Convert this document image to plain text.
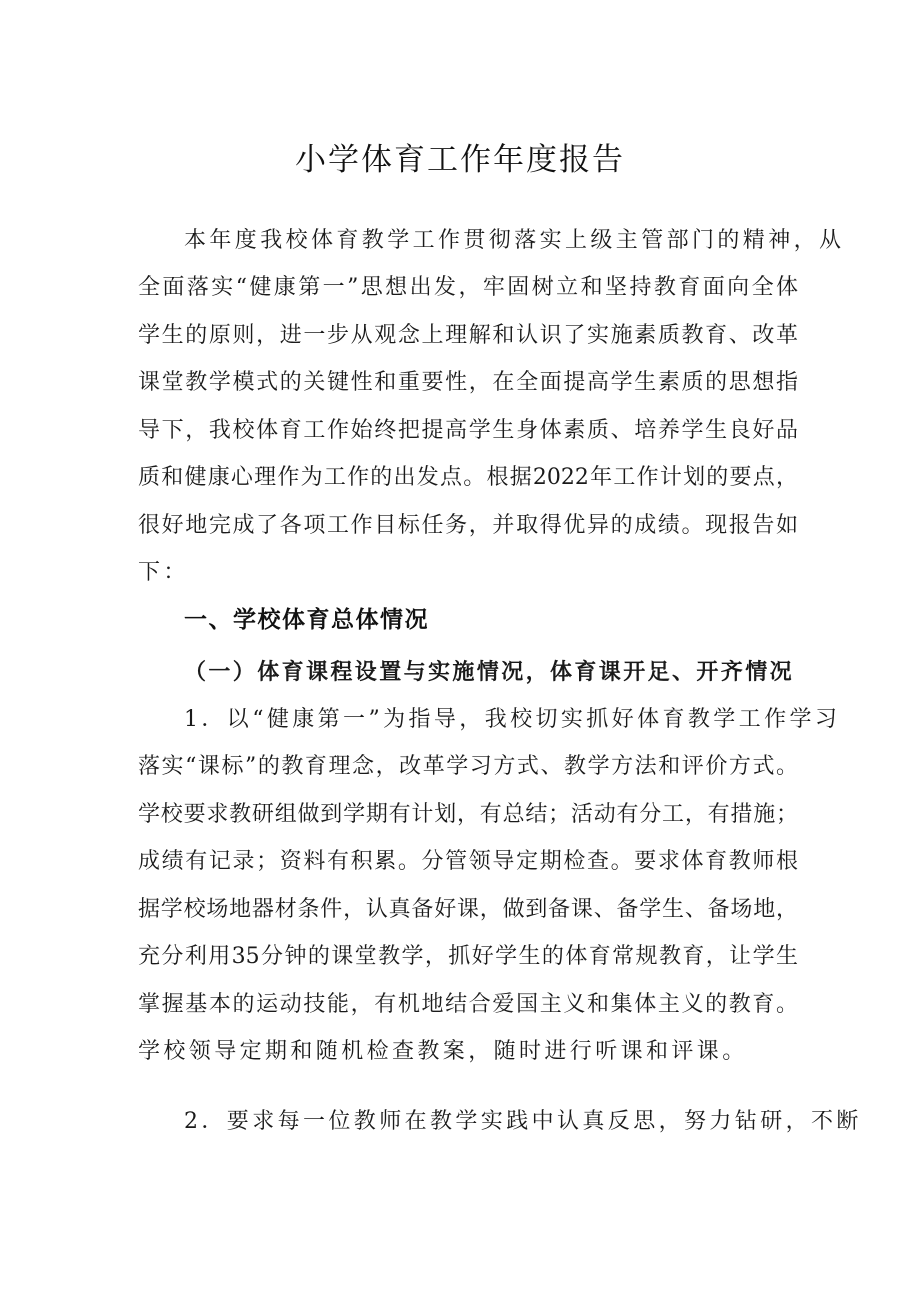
小学体育工作年度报告

本年度我校体育教学工作贯彻落实上级主管部门的精神，从

全面落实“健康第一”思想出发，牢固树立和坚持教育面向全体

学生的原则，进一步从观念上理解和认识了实施素质教育、改革

课堂教学模式的关键性和重要性，在全面提高学生素质的思想指

导下，我校体育工作始终把提高学生身体素质、培养学生良好品

质和健康心理作为工作的出发点。根据2022年工作计划的要点，

很好地完成了各项工作目标任务，并取得优异的成绩。现报告如

下：

一、学校体育总体情况
（一）体育课程设置与实施情况，体育课开足、开齐情况

1．以“健康第一”为指导，我校切实抓好体育教学工作学习

落实“课标”的教育理念，改革学习方式、教学方法和评价方式。

学校要求教研组做到学期有计划，有总结；活动有分工，有措施；

成绩有记录；资料有积累。分管领导定期检查。要求体育教师根

据学校场地器材条件，认真备好课，做到备课、备学生、备场地，

充分利用35分钟的课堂教学，抓好学生的体育常规教育，让学生

掌握基本的运动技能，有机地结合爱国主义和集体主义的教育。

学校领导定期和随机检查教案，随时进行听课和评课。

2．要求每一位教师在教学实践中认真反思，努力钻研，不断
